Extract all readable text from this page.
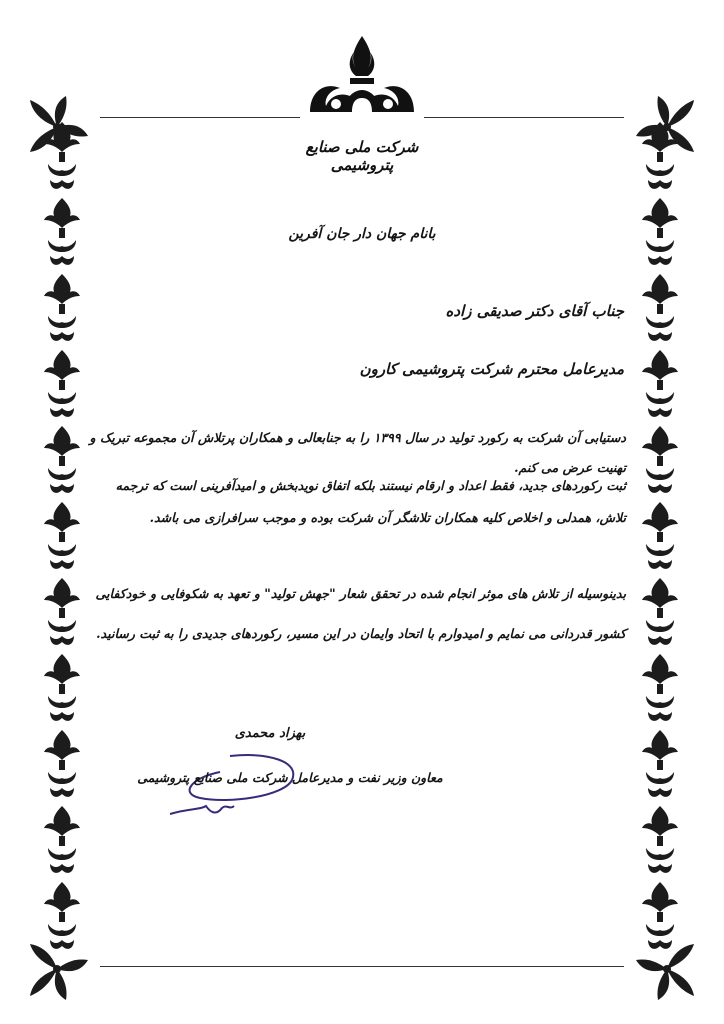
شرکت ملی صنایع پتروشیمی
بانام جهان دار جان آفرین
جناب آقای دکتر صدیقی زاده
مدیرعامل محترم شرکت پتروشیمی کارون
دستیابی آن شرکت به رکورد تولید در سال ۱۳۹۹ را به جنابعالی و همکاران پرتلاش آن مجموعه تبریک و تهنیت عرض می کنم.
ثبت رکوردهای جدید، فقط اعداد و ارقام نیستند بلکه اتفاق نویدبخش و امیدآفرینی است که ترجمه تلاش، همدلی و اخلاص کلیه همکاران تلاشگر آن شرکت بوده و موجب سرافرازی می باشد.
بدینوسیله از تلاش های موثر انجام شده در تحقق شعار "جهش تولید" و تعهد به شکوفایی و خودکفایی کشور قدردانی می نمایم و امیدوارم با اتحاد وایمان در این مسیر، رکوردهای جدیدی را به ثبت رسانید.
بهزاد محمدی
معاون وزیر نفت و مدیرعامل شرکت ملی صنایع پتروشیمی
